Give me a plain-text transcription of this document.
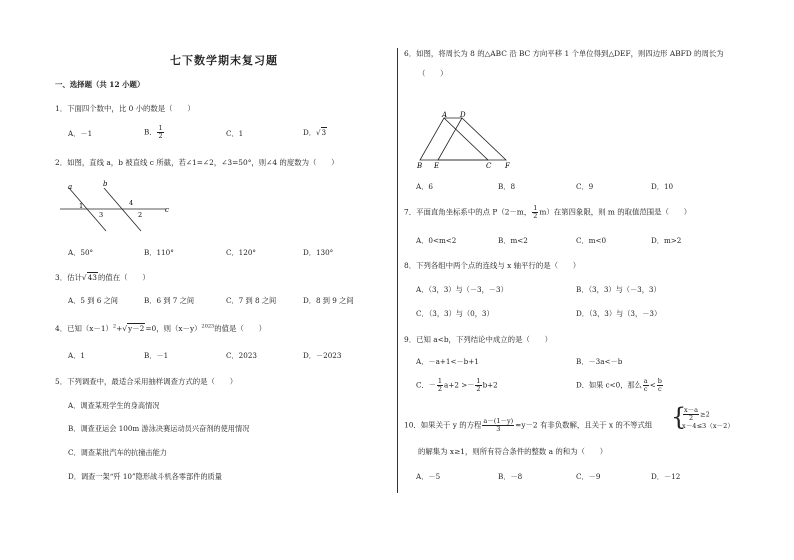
七下数学期末复习题
一、选择题（共 12 小题）
1．下面四个数中，比 0 小的数是（　　）
A．－1	B． $\frac{1}{2}$	C．1	D．√3
2．如图，直线 a，b 被直线 c 所截，若∠1=∠2，∠3=50°，则∠4 的度数为（　　）
a	b
c
1
3
4
2
A．50°	B．110°	C．120°	D．130°
3．估计√43的值在（　　）
A．5 到 6 之间	B．6 到 7 之间	C．7 到 8 之间	D．8 到 9 之间
4．已知$(x-1)^2+√y-2=0$，则$(x-y)^{2023}$的值是（　　）
A．1	B．－1	C．2023	D．－2023
5．下列调查中，最适合采用抽样调查方式的是（　　）
A．调查某班学生的身高情况
B．调查亚运会 100m 游泳决赛运动员兴奋剂的使用情况
C．调查某批汽车的抗撞击能力
D．调查一架“歼 10”隐形战斗机各零部件的质量
6．如图，将周长为 8 的△ABC 沿 BC 方向平移 1 个单位得到△DEF，则四边形 ABFD 的周长为
（　　）
A D
B E	C F
A．6	B．8	C．9	D．10
7．平面直角坐标系中的点 P（2－m， $\frac{1}{2} m$）在第四象限，则 m 的取值范围是（　　）
A．0<m<2	B．m<2	C．m<0	D．m>2
8．下列各组中两个点的连线与 x 轴平行的是（　　）
A．（3，3）与（－3，－3）	B．（3，3）与（－3，3）
C．（3，3）与（0，3）	D．（3，3）与（3，－3）
9．已知 a<b，下列结论中成立的是（　　）
A．－a+1<－b+1	B．－3a<－b
C．－ $\frac{1}{2} a+2 >- \frac{1}{2} b+2$	D．如果 c<0，那么 $\frac{a}{c} < \frac{b}{c}$
10．如果关于 y 的方程 $\frac{a-(1-y)}{3} =y-2$ 有非负数解，且关于 x 的不等式组 {
$\frac{x-a}{2} \ge 2$
x－4≤3（x－2）
的解集为 x≥1，则所有符合条件的整数 a 的和为（　　）
A．－5	B．－8	C．－9	D．－12
